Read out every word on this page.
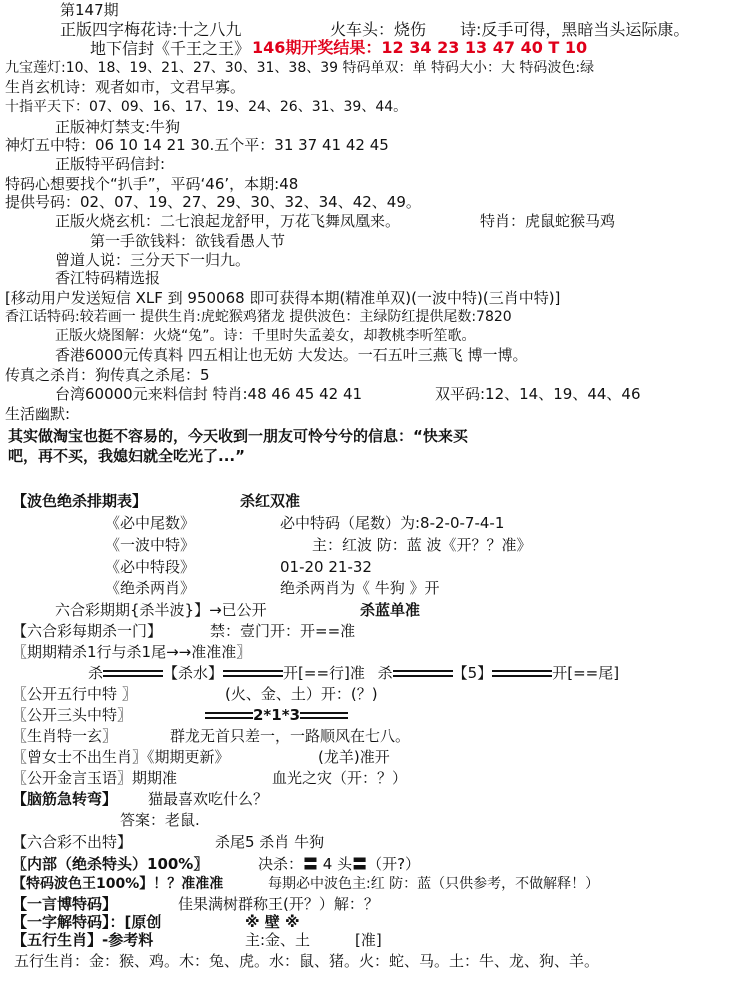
第147期
正版四字梅花诗:十之八九	火车头：烧伤 诗:反手可得，黑暗当头运际康。
地下信封《千王之王》 146期开奖结果：12 34 23 13 47 40 T 10
九宝莲灯:10、18、19、21、27、30、31、38、39 特码单双：单 特码大小：大 特码波色:绿
生肖玄机诗：观者如市，文君早寡。
十指平天下：07、09、16、17、19、24、26、31、39、44。
正版神灯禁支:牛狗
神灯五中特：06 10 14 21 30.五个平：31 37 41 42 45
正版特平码信封:
特码心想要找个“扒手”，平码‘46’，本期:48
提供号码：02、07、19、27、29、30、32、34、42、49。
正版火烧玄机：二七浪起龙舒甲，万花飞舞凤凰来。	特肖：虎鼠蛇猴马鸡
第一手欲钱料：欲钱看愚人节
曾道人说：三分天下一归九。
香江特码精选报
[移动用户发送短信 XLF 到 950068 即可获得本期(精准单双)(一波中特)(三肖中特)]
香江话特码:较若画一 提供生肖:虎蛇猴鸡猪龙 提供波色：主绿防红提供尾数:7820
正版火烧图解：火烧“兔”。诗：千里时失孟姜女，却教桃李听笙歌。
香港6000元传真料 四五相让也无妨 大发达。一石五叶三燕飞 博一博。
传真之杀肖：狗传真之杀尾：5
台湾60000元来料信封 特肖:48 46 45 42 41	双平码:12、14、19、44、46
生活幽默:
其实做淘宝也挺不容易的，今天收到一朋友可怜兮兮的信息：“快来买
吧，再不买，我媳妇就全吃光了...”
【波色绝杀排期表】	杀红双准
《必中尾数》	必中特码（尾数）为:8-2-0-7-4-1
《一波中特》	主：红波 防：蓝 波《开？？准》
《必中特段》	01-20 21-32
《绝杀两肖》	绝杀两肖为《 牛狗 》开
六合彩期期{杀半波}】→已公开	杀蓝单准
【六合彩每期杀一门】	禁：壹门开：开==准
〖期期精杀1行与杀1尾→→准准准〗
杀	【杀水】	开[==行]准 杀	【5】	开[==尾]
〖公开五行中特 〗	(火、金、土）开：(？)
〖公开三头中特〗	2*1*3
〖生肖特一玄〗	群龙无首只差一，一路顺风在七八。
〖曾女士不出生肖〗《期期更新》	(龙羊)准开
〖公开金言玉语〗期期准	血光之灾（开：？）
【脑筋急转弯】 猫最喜欢吃什么？
答案：老鼠.
【六合彩不出特】	杀尾5 杀肖 牛狗
〖内部（绝杀特头）100%〗	决杀：〓 4 头〓（开?）
【特码波色王100%】！？准准准	每期必中波色主:红 防：蓝（只供参考，不做解释！）
【一言博特码】	佳果满树群称王(开？）解：？
【一字解特码】：[原创	※ 壁 ※
【五行生肖】-参考料	主:金、土	[准]
五行生肖：金：猴、鸡。木：兔、虎。水：鼠、猪。火：蛇、马。土：牛、龙、狗、羊。
